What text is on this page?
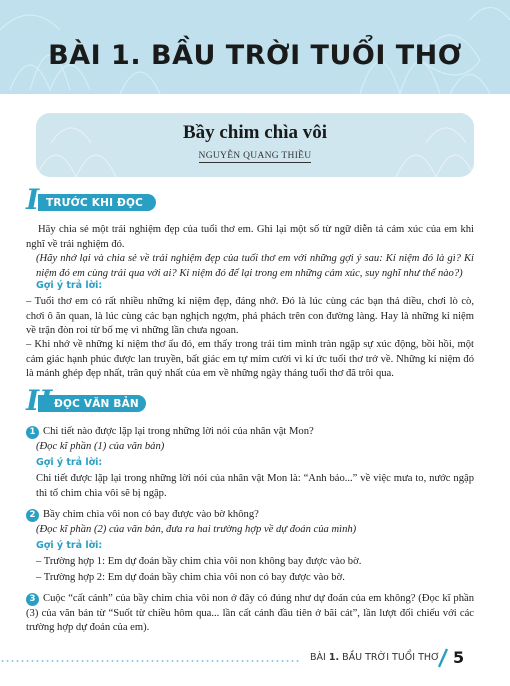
BÀI 1. BẦU TRỜI TUỔI THƠ
Bầy chim chìa vôi
NGUYỄN QUANG THIỀU
I TRƯỚC KHI ĐỌC
Hãy chia sẻ một trải nghiệm đẹp của tuổi thơ em. Ghi lại một số từ ngữ diễn tả cảm xúc của em khi nghĩ về trải nghiệm đó.
(Hãy nhớ lại và chia sẻ về trải nghiệm đẹp của tuổi thơ em với những gợi ý sau: Kỉ niệm đó là gì? Kỉ niệm đó em cùng trải qua với ai? Kỉ niệm đó để lại trong em những cảm xúc, suy nghĩ như thế nào?)
Gợi ý trả lời:
– Tuổi thơ em có rất nhiều những kỉ niệm đẹp, đáng nhớ. Đó là lúc cùng các bạn thả diều, chơi lò cò, chơi ô ăn quan, là lúc cùng các bạn nghịch ngợm, phá phách trên con đường làng. Hay là những kỉ niệm về trận đòn roi từ bố mẹ vì những lần chưa ngoan.
– Khi nhớ về những kỉ niệm thơ ấu đó, em thấy trong trái tim mình tràn ngập sự xúc động, bồi hồi, một cảm giác hạnh phúc được lan truyền, bất giác em tự mỉm cười vì kí ức tuổi thơ trở về. Những kỉ niệm đó là mảnh ghép đẹp nhất, trân quý nhất của em về những ngày tháng tuổi thơ đã trôi qua.
II ĐỌC VĂN BẢN
1 Chi tiết nào được lặp lại trong những lời nói của nhân vật Mon?
(Đọc kĩ phần (1) của văn bản)
Gợi ý trả lời:
Chi tiết được lặp lại trong những lời nói của nhân vật Mon là: “Anh bảo...” về việc mưa to, nước ngập thì tổ chim chìa vôi sẽ bị ngập.
2 Bầy chim chìa vôi non có bay được vào bờ không?
(Đọc kĩ phần (2) của văn bản, đưa ra hai trường hợp về dự đoán của mình)
Gợi ý trả lời:
– Trường hợp 1: Em dự đoán bầy chim chìa vôi non không bay được vào bờ.
– Trường hợp 2: Em dự đoán bầy chim chìa vôi non có bay được vào bờ.
3 Cuộc “cất cánh” của bầy chim chìa vôi non ở đây có đúng như dự đoán của em không? (Đọc kĩ phần (3) của văn bản từ “Suốt từ chiều hôm qua... lần cất cánh đầu tiên ở bãi cát”, lần lượt đối chiếu với các trường hợp dự đoán của em).
BÀI 1. BẦU TRỜI TUỔI THƠ 5
